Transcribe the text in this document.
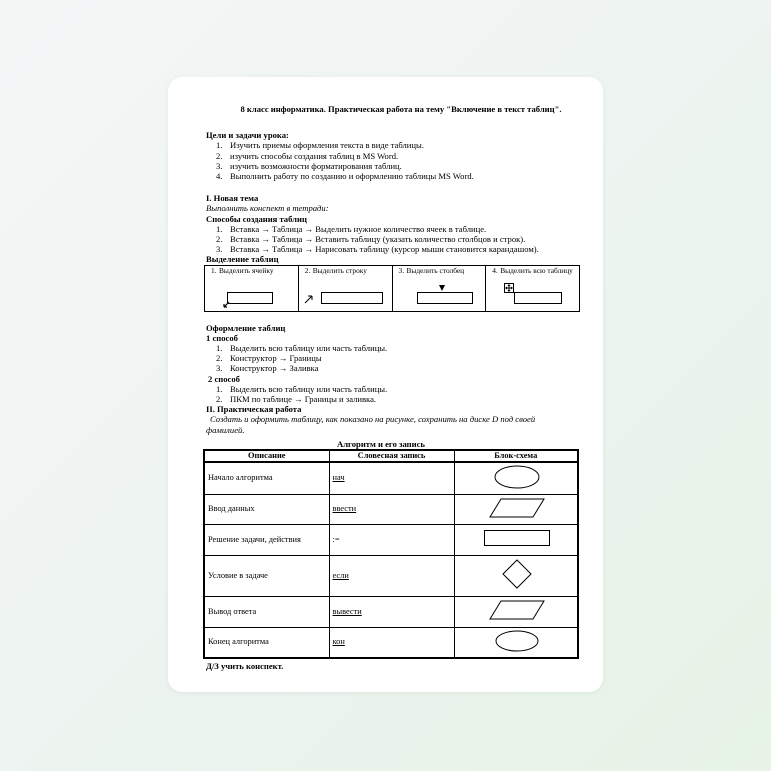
8 класс информатика. Практическая работа на тему "Включение в текст таблиц".
Цели и задачи урока:
1. Изучить приемы оформления текста в виде таблицы.
2. изучить способы создания таблиц в MS Word.
3. изучить возможности форматирования таблиц.
4. Выполнить работу по созданию и оформлению таблицы MS Word.
I. Новая тема
Выполнить конспект в тетради:
Способы создания таблиц
1. Вставка → Таблица → Выделить нужное количество ячеек в таблице.
2. Вставка → Таблица → Вставить таблицу (указать количество столбцов и строк).
3. Вставка → Таблица → Нарисовать таблицу (курсор мыши становится карандашом).
Выделение таблиц
1. Выделить ячейку	2. Выделить строку	3. Выделить столбец	4. Выделить всю таблицу
Оформление таблиц
1 способ
1. Выделить всю таблицу или часть таблицы.
2. Конструктор → Границы
3. Конструктор → Заливка
2 способ
1. Выделить всю таблицу или часть таблицы.
2. ПКМ по таблице → Границы и заливка.
II. Практическая работа
Создать и оформить таблицу, как показано на рисунке, сохранить на диске D под своей фамилией.
Алгоритм и его запись
Описание	Словесная запись	Блок-схема
Начало алгоритма	нач	
Ввод данных	ввести	
Решение задачи, действия	:=	
Условие в задаче	если	
Вывод ответа	вывести	
Конец алгоритма	кон	
Д/З учить конспект.
